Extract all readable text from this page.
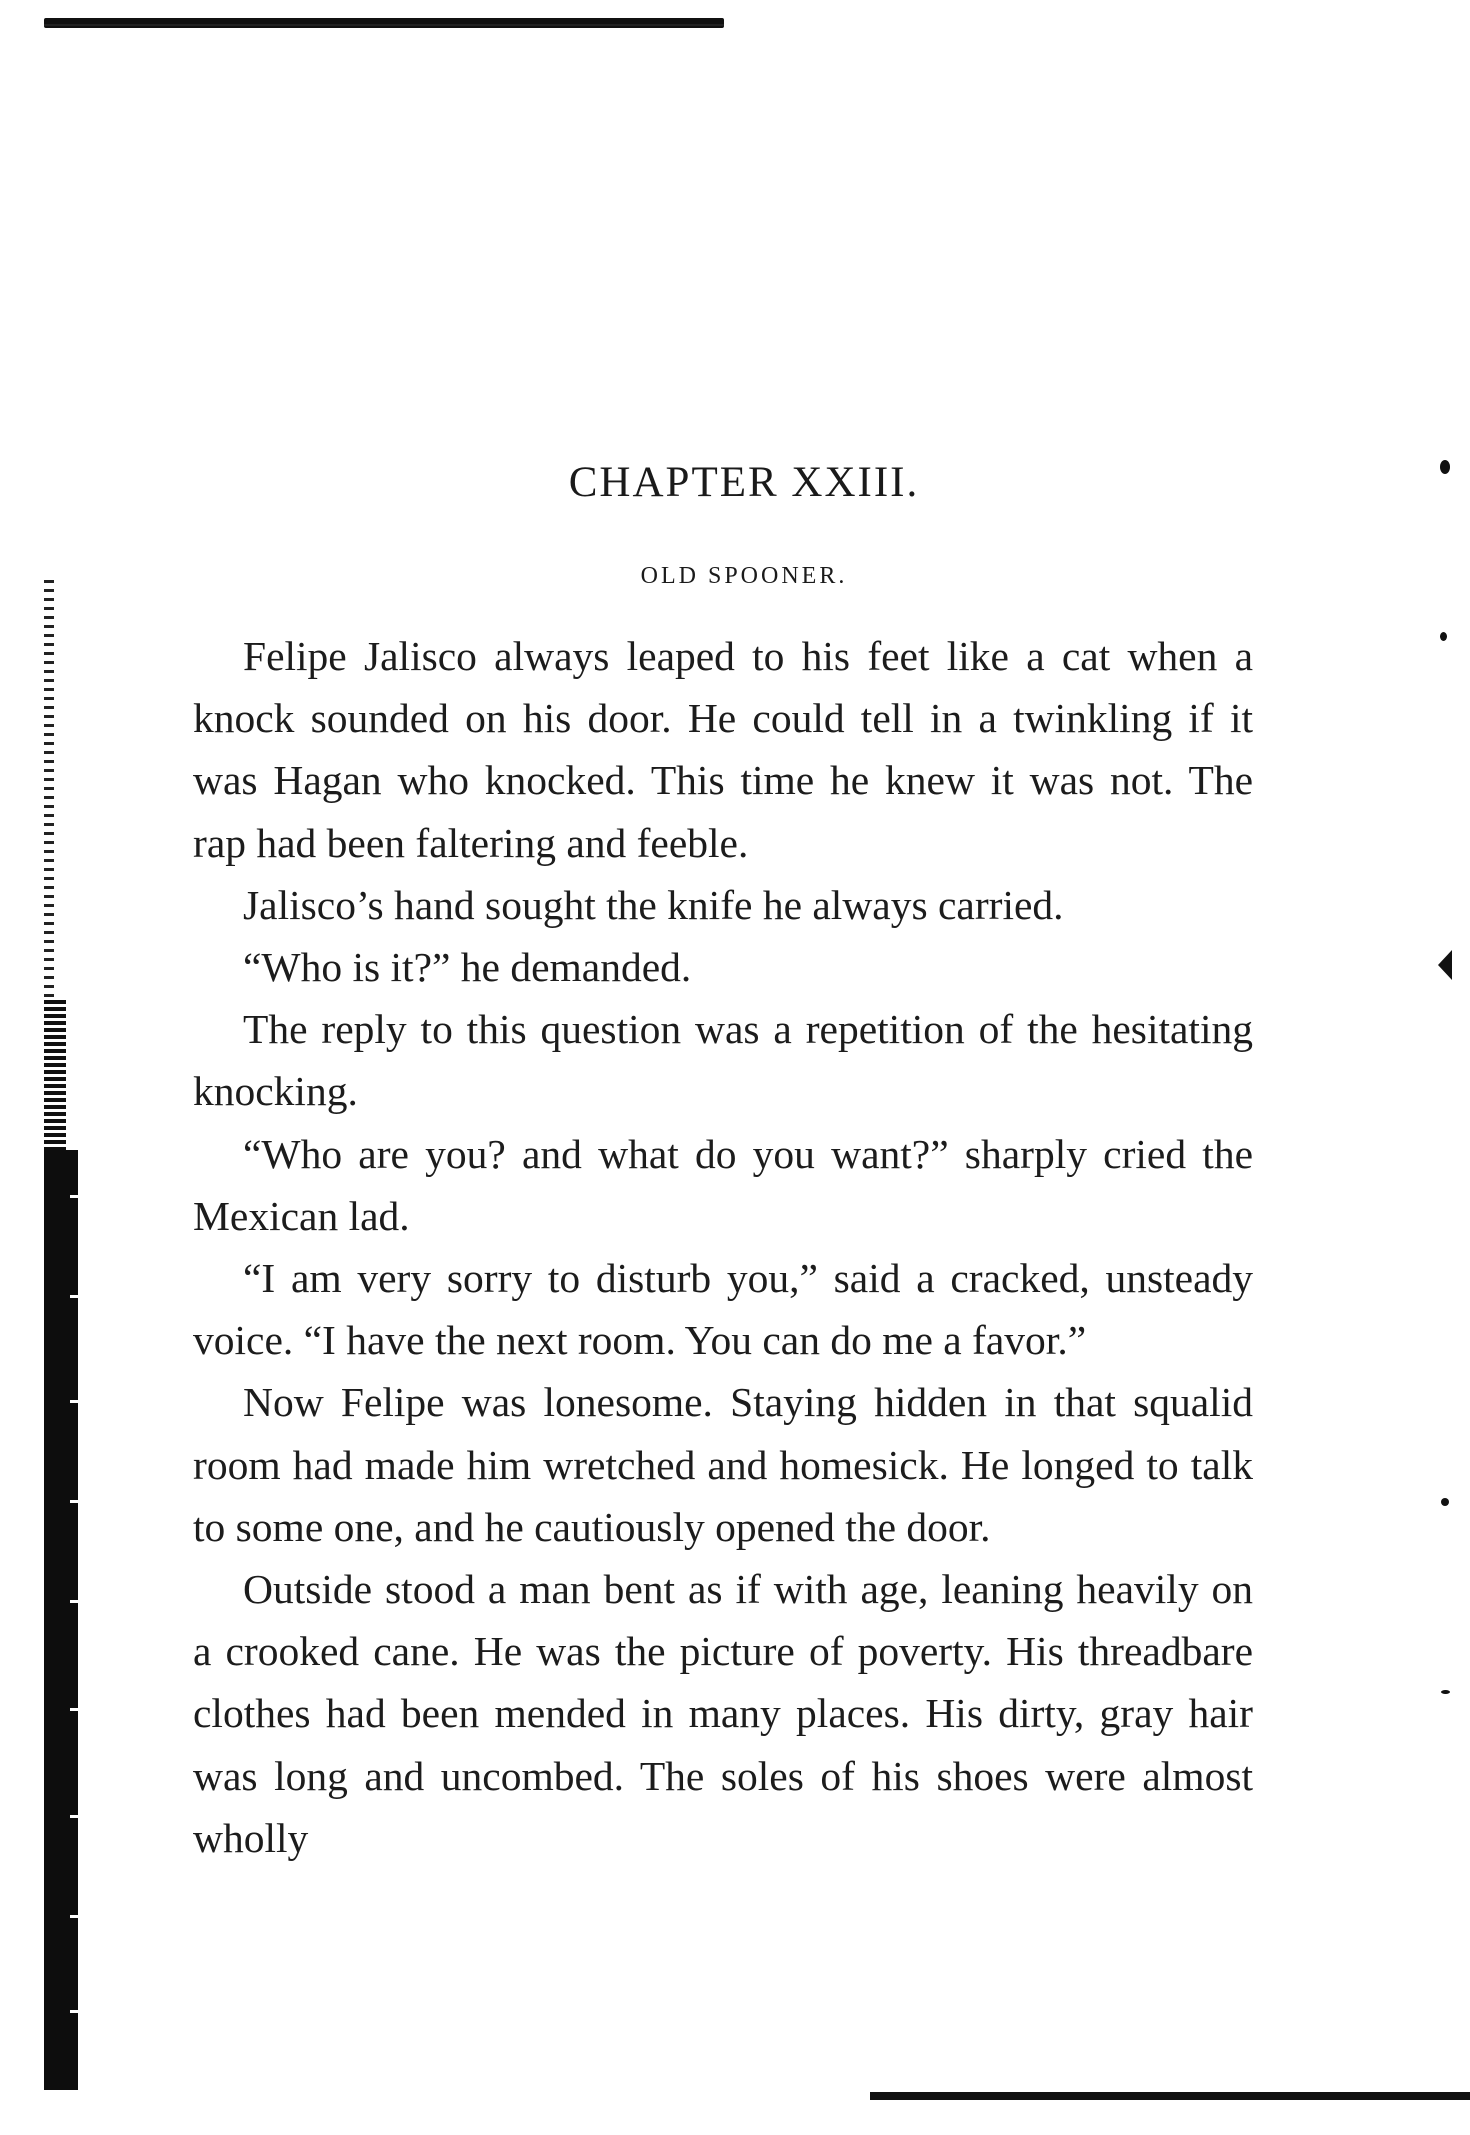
CHAPTER XXIII.
OLD SPOONER.

Felipe Jalisco always leaped to his feet like a cat when a knock sounded on his door. He could tell in a twinkling if it was Hagan who knocked. This time he knew it was not. The rap had been faltering and feeble.

Jalisco’s hand sought the knife he always carried.

“Who is it?” he demanded.

The reply to this question was a repetition of the hesitating knocking.

“Who are you? and what do you want?” sharply cried the Mexican lad.

“I am very sorry to disturb you,” said a cracked, unsteady voice. “I have the next room. You can do me a favor.”

Now Felipe was lonesome. Staying hidden in that squalid room had made him wretched and homesick. He longed to talk to some one, and he cautiously opened the door.

Outside stood a man bent as if with age, leaning heavily on a crooked cane. He was the picture of poverty. His threadbare clothes had been mended in many places. His dirty, gray hair was long and uncombed. The soles of his shoes were almost wholly
